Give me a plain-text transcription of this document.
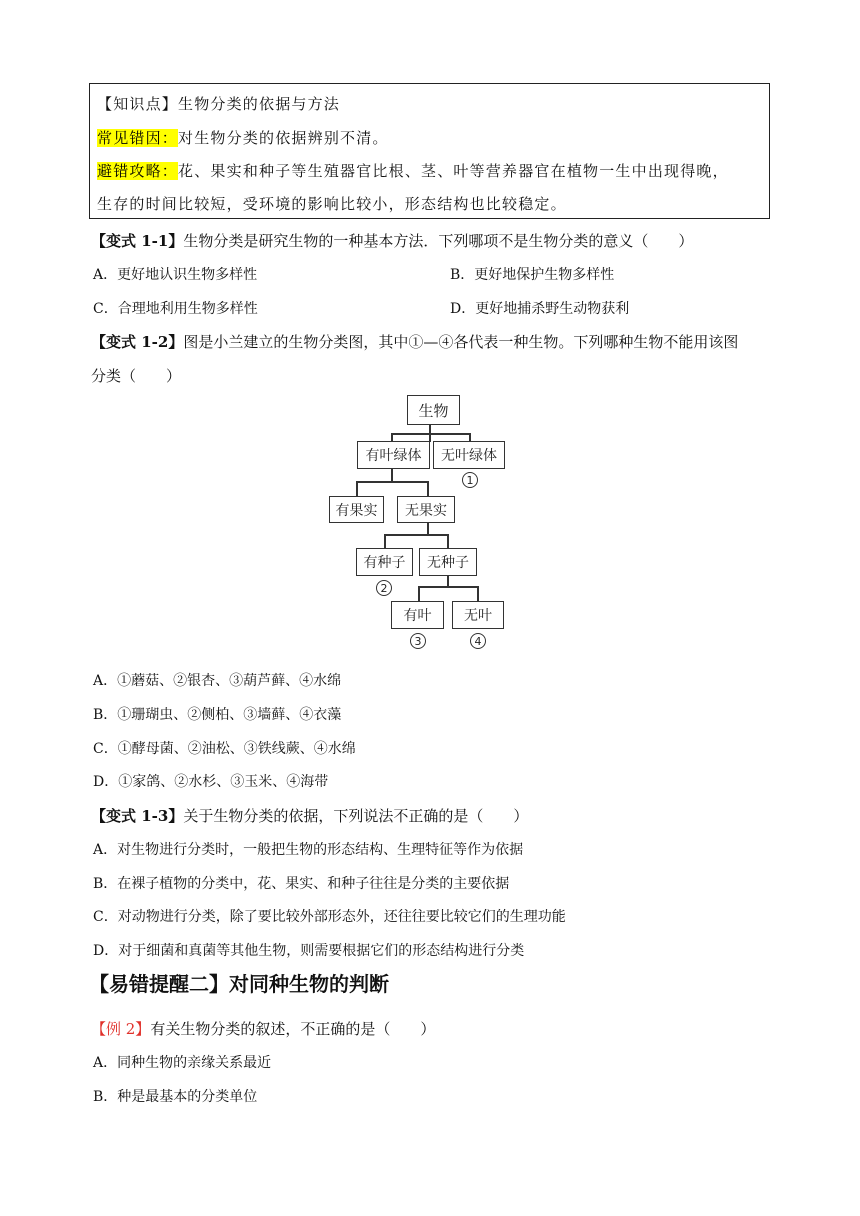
【知识点】生物分类的依据与方法
常见错因：对生物分类的依据辨别不清。
避错攻略：花、果实和种子等生殖器官比根、茎、叶等营养器官在植物一生中出现得晚，
生存的时间比较短，受环境的影响比较小，形态结构也比较稳定。
【变式 1-1】生物分类是研究生物的一种基本方法．下列哪项不是生物分类的意义（　　）
A．更好地认识生物多样性	B．更好地保护生物多样性
C．合理地利用生物多样性	D．更好地捕杀野生动物获利
【变式 1-2】图是小兰建立的生物分类图，其中①—④各代表一种生物。下列哪种生物不能用该图
分类（　　）
生物
有叶绿体	无叶绿体
1
有果实	无果实
有种子
2
无种子
有叶
3
无叶
4
A．①蘑菇、②银杏、③葫芦藓、④水绵
B．①珊瑚虫、②侧柏、③墙藓、④衣藻
C．①酵母菌、②油松、③铁线蕨、④水绵
D．①家鸽、②水杉、③玉米、④海带
【变式 1-3】关于生物分类的依据，下列说法不正确的是（　　）
A．对生物进行分类时，一般把生物的形态结构、生理特征等作为依据
B．在裸子植物的分类中，花、果实、和种子往往是分类的主要依据
C．对动物进行分类，除了要比较外部形态外，还往往要比较它们的生理功能
D．对于细菌和真菌等其他生物，则需要根据它们的形态结构进行分类
【易错提醒二】对同种生物的判断
【例 2】有关生物分类的叙述，不正确的是（　　）
A．同种生物的亲缘关系最近
B．种是最基本的分类单位
